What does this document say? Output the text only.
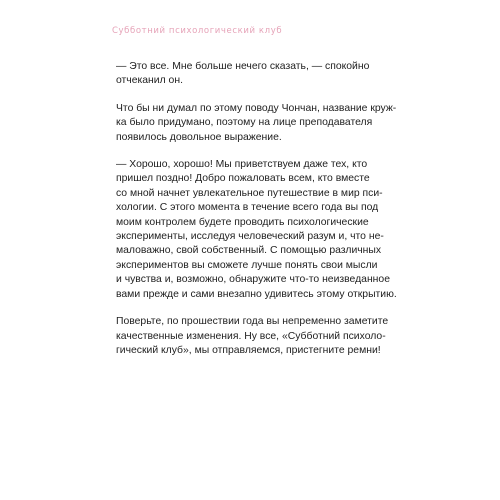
Субботний психологический клуб

— Это все. Мне больше нечего сказать, — спокойно
отчеканил он.

Что бы ни думал по этому поводу Чончан, название круж-
ка было придумано, поэтому на лице преподавателя
появилось довольное выражение.

— Хорошо, хорошо! Мы приветствуем даже тех, кто
пришел поздно! Добро пожаловать всем, кто вместе
со мной начнет увлекательное путешествие в мир пси-
хологии. С этого момента в течение всего года вы под
моим контролем будете проводить психологические
эксперименты, исследуя человеческий разум и, что не-
маловажно, свой собственный. С помощью различных
экспериментов вы сможете лучше понять свои мысли
и чувства и, возможно, обнаружите что-то неизведанное
вами прежде и сами внезапно удивитесь этому открытию.

Поверьте, по прошествии года вы непременно заметите
качественные изменения. Ну все, «Субботний психоло-
гический клуб», мы отправляемся, пристегните ремни!
